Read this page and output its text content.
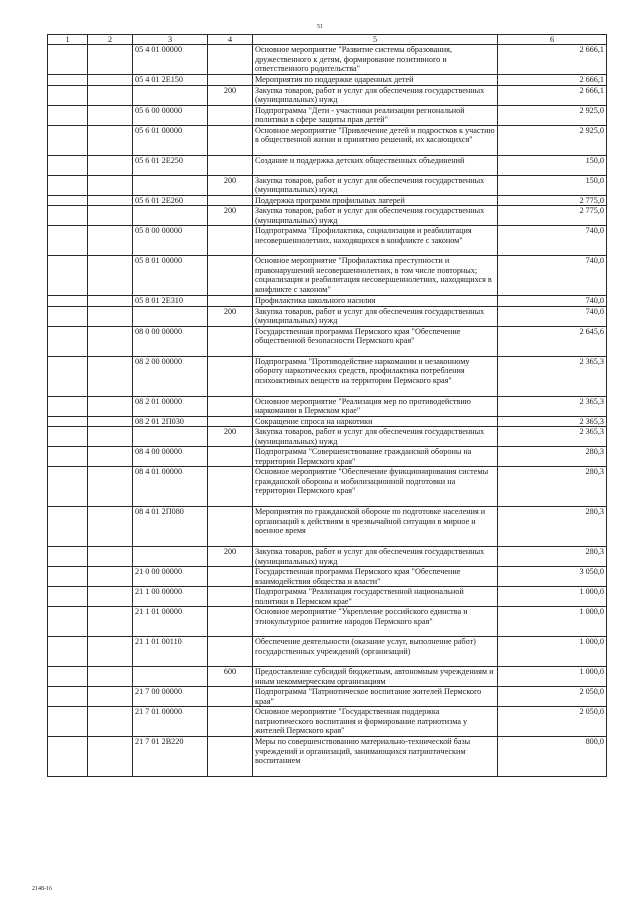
51
1	2	3	4	5	6
		05 4 01 00000		Основное мероприятие "Развитие системы образования, дружественного к детям, формирование позитивного и ответственного родительства"	2 666,1
		05 4 01 2Е150		Мероприятия по поддержке одаренных детей	2 666,1
			200	Закупка товаров, работ и услуг для обеспечения государственных (муниципальных) нужд	2 666,1
		05 6 00 00000		Подпрограмма "Дети - участники реализации региональной политики в сфере защиты прав детей"	2 925,0
		05 6 01 00000		Основное мероприятие "Привлечение детей и подростков к участию в общественной жизни и принятию решений, их касающихся"	2 925,0
		05 6 01 2Е250		Создание и поддержка детских общественных объединений	150,0
			200	Закупка товаров, работ и услуг для обеспечения государственных (муниципальных) нужд	150,0
		05 6 01 2Е260		Поддержка программ профильных лагерей	2 775,0
			200	Закупка товаров, работ и услуг для обеспечения государственных (муниципальных) нужд	2 775,0
		05 8 00 00000		Подпрограмма "Профилактика, социализация и реабилитация несовершеннолетних, находящихся в конфликте с законом"	740,0
		05 8 01 00000		Основное мероприятие "Профилактика преступности и правонарушений несовершеннолетних, в том числе повторных; социализация и реабилитация несовершеннолетних, находящихся в конфликте с законом"	740,0
		05 8 01 2Е310		Профилактика школьного насилия	740,0
			200	Закупка товаров, работ и услуг для обеспечения государственных (муниципальных) нужд	740,0
		08 0 00 00000		Государственная программа Пермского края "Обеспечение общественной безопасности Пермского края"	2 645,6
		08 2 00 00000		Подпрограмма "Противодействие наркомании и незаконному обороту наркотических средств, профилактика потребления психоактивных веществ на территории Пермского края"	2 365,3
		08 2 01 00000		Основное мероприятие "Реализация мер по противодействию наркомании в Пермском крае"	2 365,3
		08 2 01 2П030		Сокращение спроса на наркотики	2 365,3
			200	Закупка товаров, работ и услуг для обеспечения государственных (муниципальных) нужд	2 365,3
		08 4 00 00000		Подпрограмма "Совершенствование гражданской обороны на территории Пермского края"	280,3
		08 4 01 00000		Основное мероприятие "Обеспечение функционирования системы гражданской обороны и мобилизационной подготовки на территории Пермского края"	280,3
		08 4 01 2П080		Мероприятия по гражданской обороне по подготовке населения и организаций к действиям в чрезвычайной ситуации в мирное и военное время	280,3
			200	Закупка товаров, работ и услуг для обеспечения государственных (муниципальных) нужд	280,3
		21 0 00 00000		Государственная программа Пермского края "Обеспечение взаимодействия общества и власти"	3 050,0
		21 1 00 00000		Подпрограмма "Реализация государственной национальной политики в Пермском крае"	1 000,0
		21 1 01 00000		Основное мероприятие "Укрепление российского единства и этнокультурное развитие народов Пермского края"	1 000,0
		21 1 01 00110		Обеспечение деятельности (оказание услуг, выполнение работ) государственных учреждений (организаций)	1 000,0
			600	Предоставление субсидий бюджетным, автономным учреждениям и иным некоммерческим организациям	1 000,0
		21 7 00 00000		Подпрограмма "Патриотическое воспитание жителей Пермского края"	2 050,0
		21 7 01 00000		Основное мероприятие "Государственная поддержка патриотического воспитания и формирование патриотизма у жителей Пермского края"	2 050,0
		21 7 01 2В220		Меры по совершенствованию материально-технической базы учреждений и организаций, занимающихся патриотическим воспитанием	800,0
2148-16
